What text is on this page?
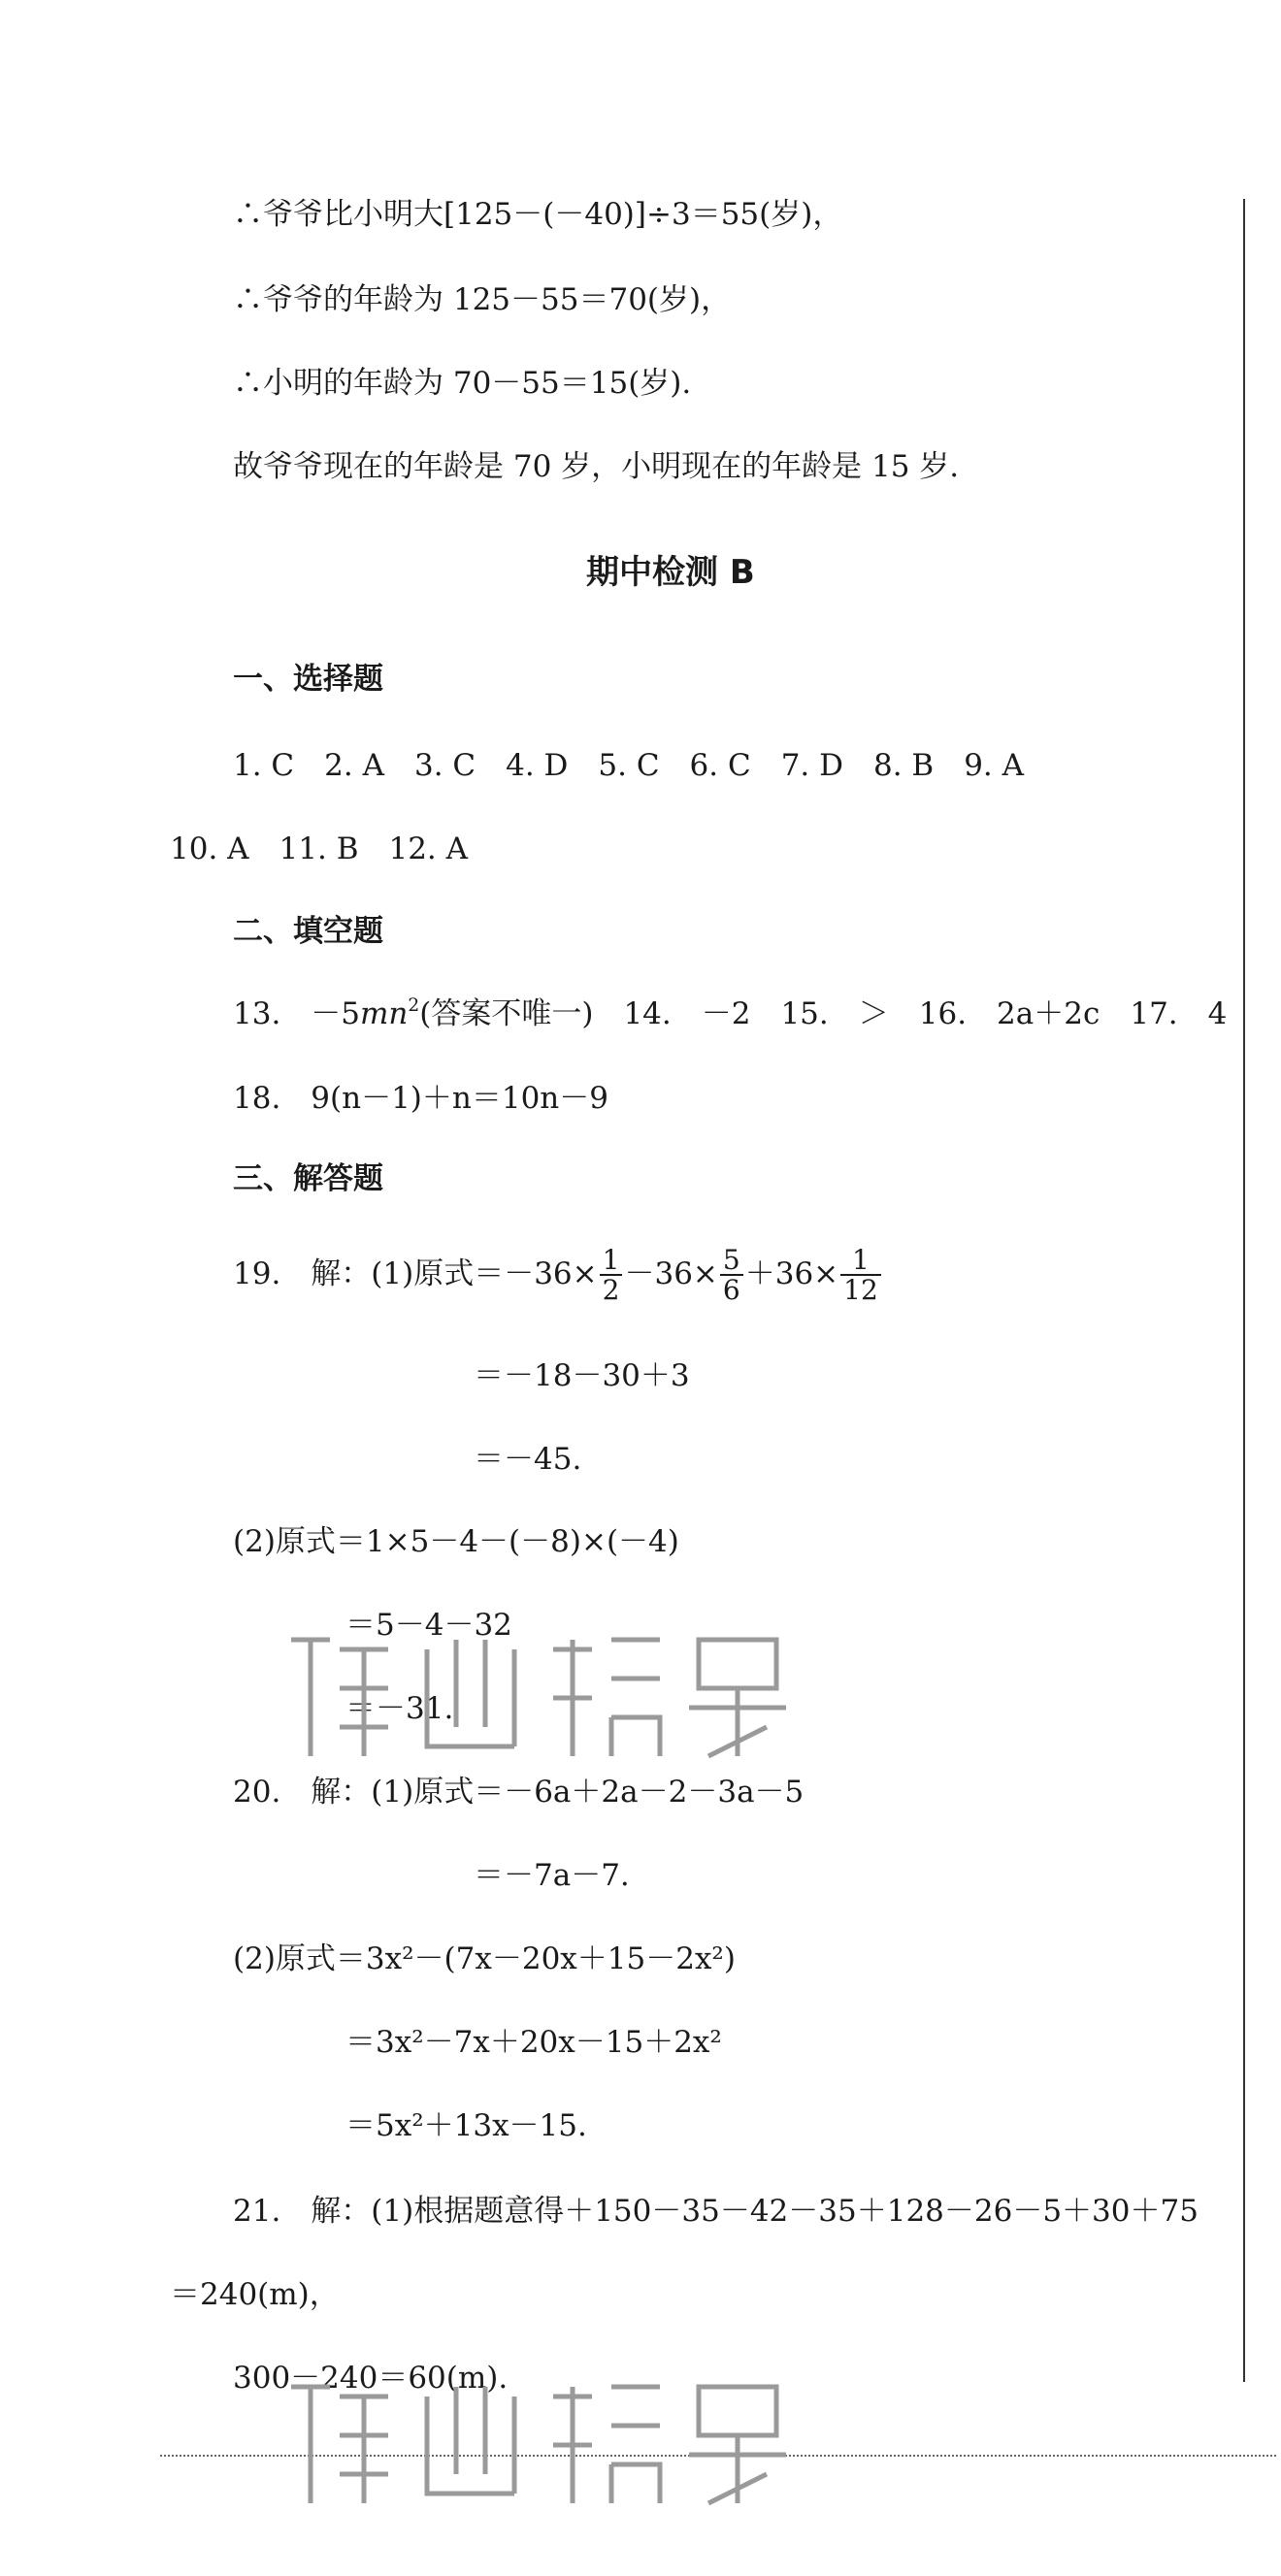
∴爷爷比小明大[125－(－40)]÷3＝55(岁)，
∴爷爷的年龄为 125－55＝70(岁)，
∴小明的年龄为 70－55＝15(岁).
故爷爷现在的年龄是 70 岁，小明现在的年龄是 15 岁.
期中检测 B
一、选择题
1. C　2. A　3. C　4. D　5. C　6. C　7. D　8. B　9. A
10. A　11. B　12. A
二、填空题
13.　$-5mn^2$(答案不唯一)　14.　－2　15.　＞　16.　2a＋2c　17.　4
18.　9(n－1)＋n＝10n－9
三、解答题
19.　解：(1)原式$=-36\times \frac{1}{2} -36\times \frac{5}{6} +36\times \frac{1}{12}$
＝－18－30＋3
＝－45.
(2)原式＝1×5－4－(－8)×(－4)
＝5－4－32
＝－31.
20.　解：(1)原式＝－6a＋2a－2－3a－5
＝－7a－7.
(2)原式＝3x²－(7x－20x＋15－2x²)
＝3x²－7x＋20x－15＋2x²
＝5x²＋13x－15.
21.　解：(1)根据题意得＋150－35－42－35＋128－26－5＋30＋75
＝240(m)，
300－240＝60(m).
